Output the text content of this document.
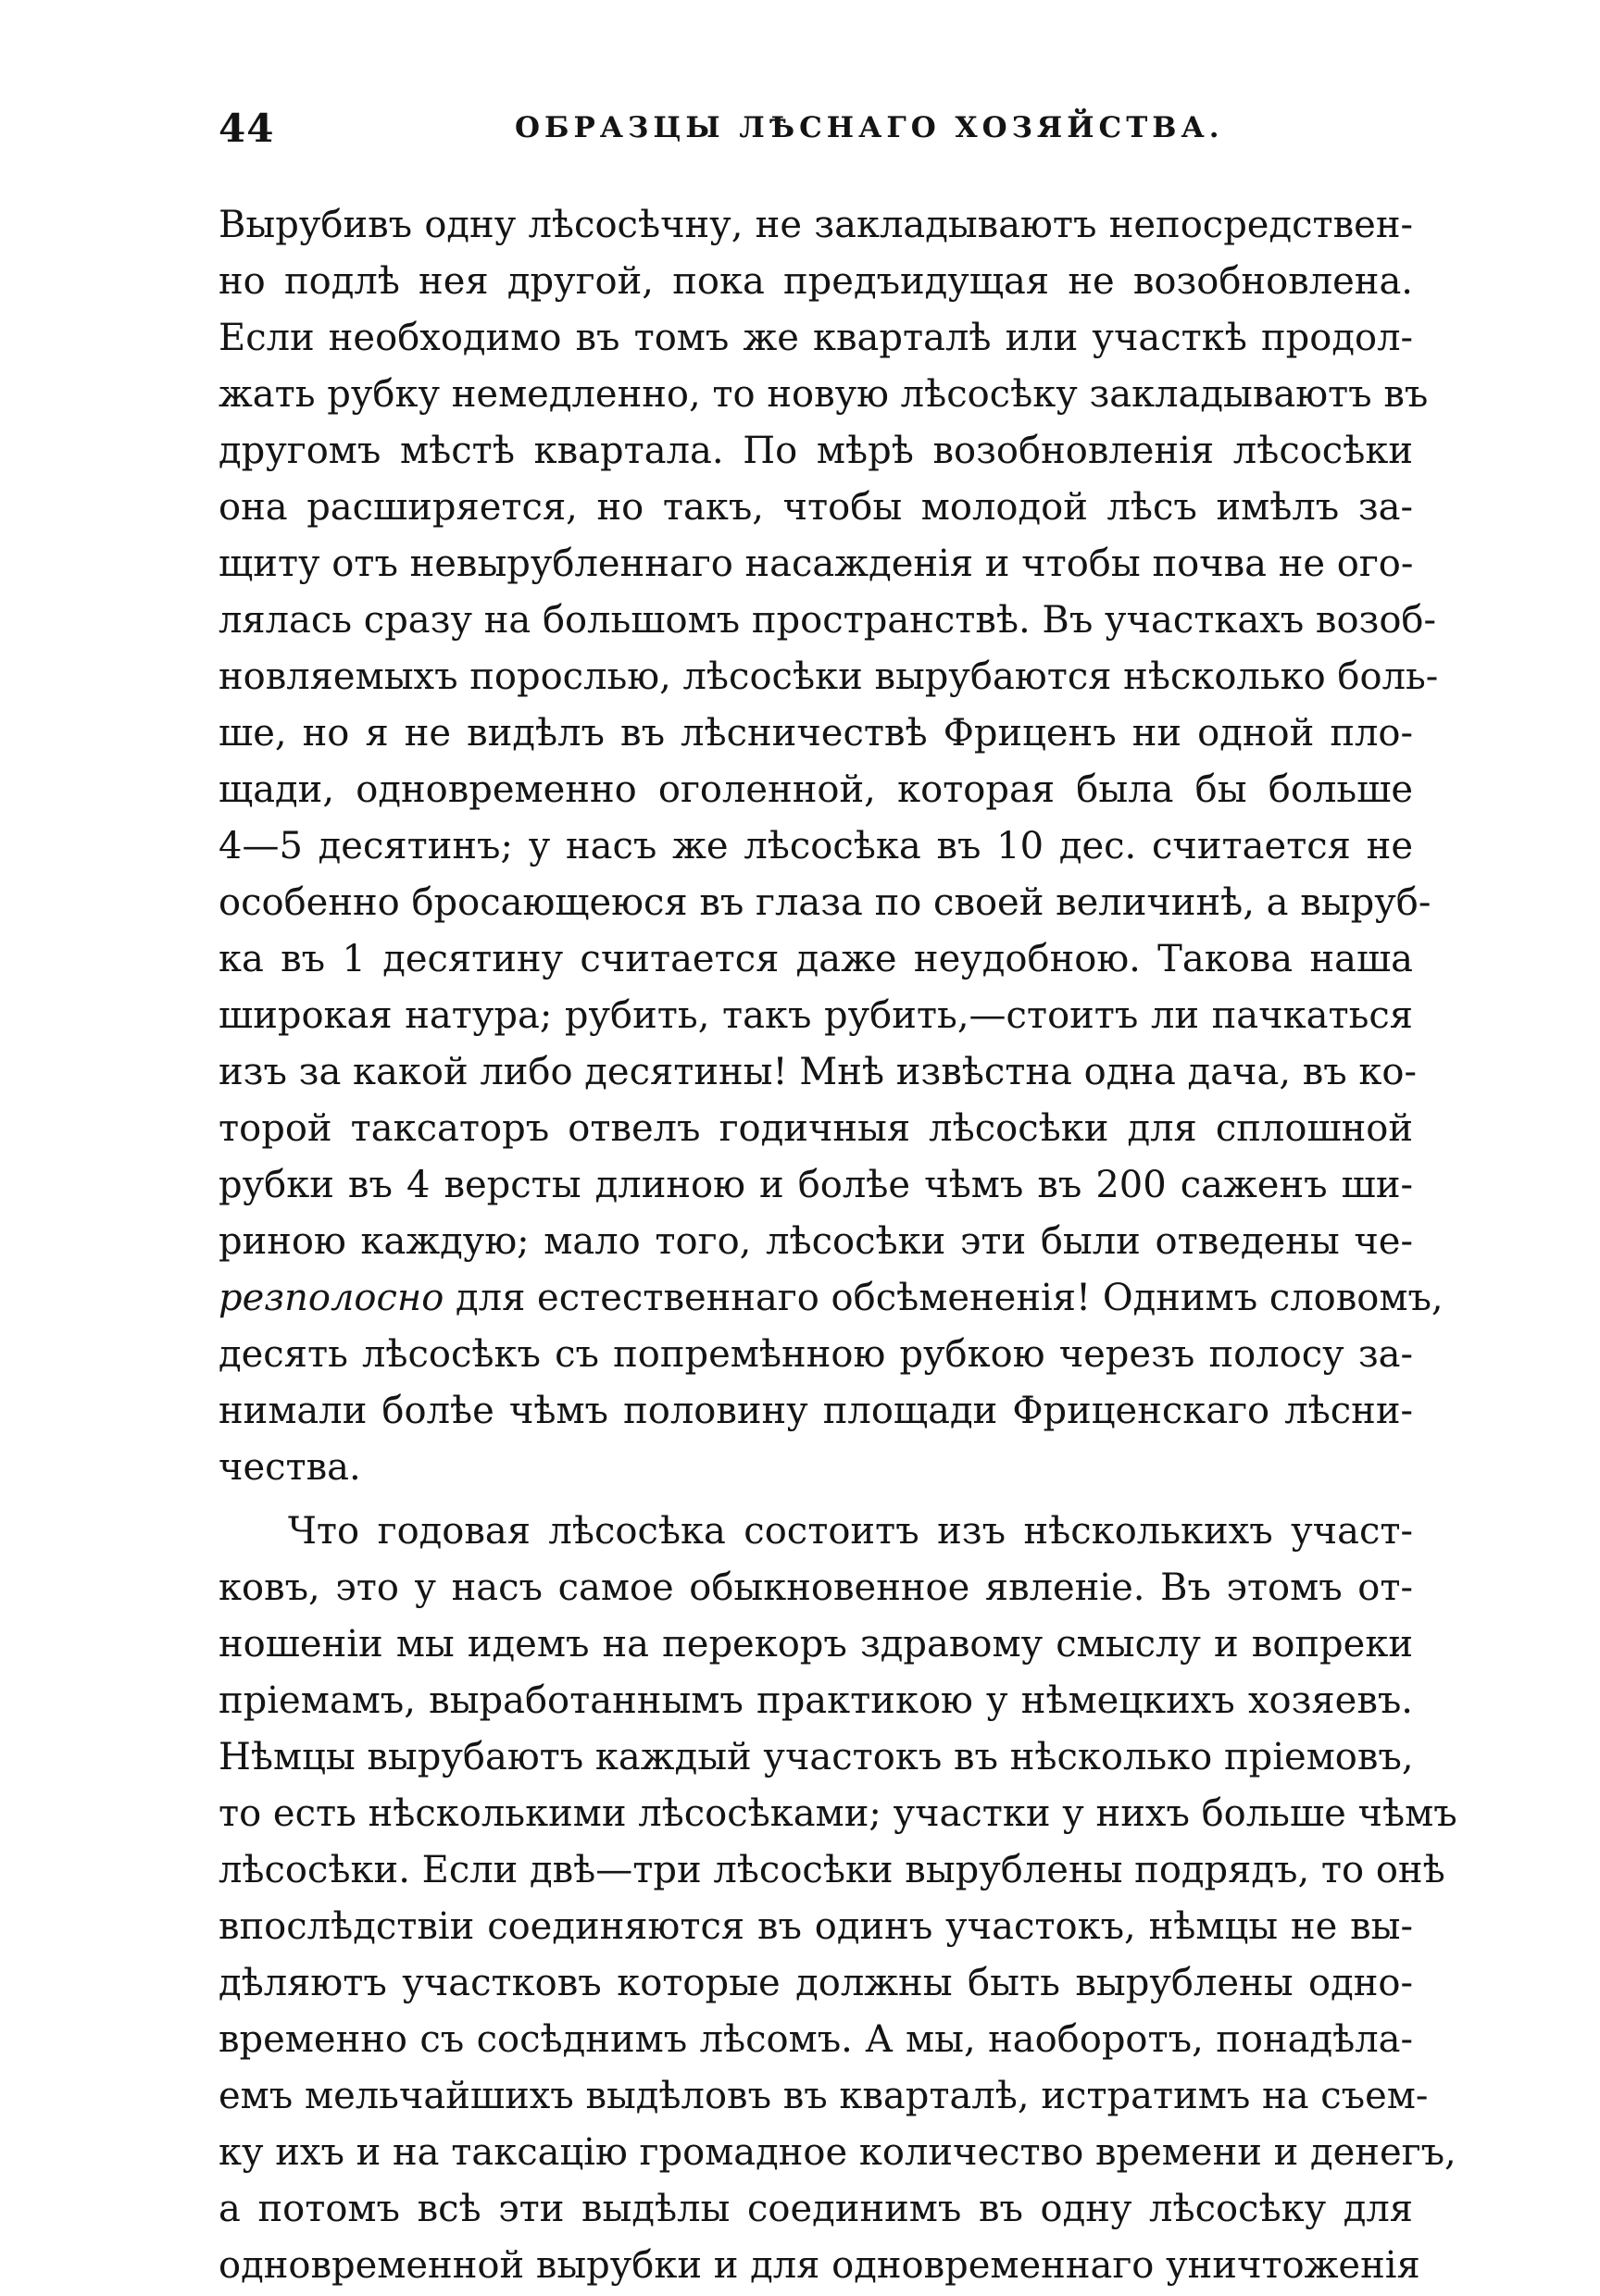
44	ОБРАЗЦЫ ЛѢСНАГО ХОЗЯЙСТВА.
Вырубивъ одну лѣсосѣчну, не закладываютъ непосредствен-
но подлѣ нея другой, пока предъидущая не возобновлена.
Если необходимо въ томъ же кварталѣ или участкѣ продол-
жать рубку немедленно, то новую лѣсосѣку закладываютъ въ
другомъ мѣстѣ квартала. По мѣрѣ возобновленія лѣсосѣки
она расширяется, но такъ, чтобы молодой лѣсъ имѣлъ за-
щиту отъ невырубленнаго насажденія и чтобы почва не ого-
лялась сразу на большомъ пространствѣ. Въ участкахъ возоб-
новляемыхъ порослью, лѣсосѣки вырубаются нѣсколько боль-
ше, но я не видѣлъ въ лѣсничествѣ Фриценъ ни одной пло-
щади, одновременно оголенной, которая была бы больше
4—5 десятинъ; у насъ же лѣсосѣка въ 10 дес. считается не
особенно бросающеюся въ глаза по своей величинѣ, а выруб-
ка въ 1 десятину считается даже неудобною. Такова наша
широкая натура; рубить, такъ рубить,—стоитъ ли пачкаться
изъ за какой либо десятины! Мнѣ извѣстна одна дача, въ ко-
торой таксаторъ отвелъ годичныя лѣсосѣки для сплошной
рубки въ 4 версты длиною и болѣе чѣмъ въ 200 саженъ ши-
риною каждую; мало того, лѣсосѣки эти были отведены че-
резполосно для естественнаго обсѣмененія! Однимъ словомъ,
десять лѣсосѣкъ съ попремѣнною рубкою черезъ полосу за-
нимали болѣе чѣмъ половину площади Фриценскаго лѣсни-
чества.
Что годовая лѣсосѣка состоитъ изъ нѣсколькихъ участ-
ковъ, это у насъ самое обыкновенное явленіе. Въ этомъ от-
ношеніи мы идемъ на перекоръ здравому смыслу и вопреки
пріемамъ, выработаннымъ практикою у нѣмецкихъ хозяевъ.
Нѣмцы вырубаютъ каждый участокъ въ нѣсколько пріемовъ,
то есть нѣсколькими лѣсосѣками; участки у нихъ больше чѣмъ
лѣсосѣки. Если двѣ—три лѣсосѣки вырублены подрядъ, то онѣ
впослѣдствіи соединяются въ одинъ участокъ, нѣмцы не вы-
дѣляютъ участковъ которые должны быть вырублены одно-
временно съ сосѣднимъ лѣсомъ. А мы, наоборотъ, понадѣла-
емъ мельчайшихъ выдѣловъ въ кварталѣ, истратимъ на съем-
ку ихъ и на таксацію громадное количество времени и денегъ,
а потомъ всѣ эти выдѣлы соединимъ въ одну лѣсосѣку для
одновременной вырубки и для одновременнаго уничтоженія
